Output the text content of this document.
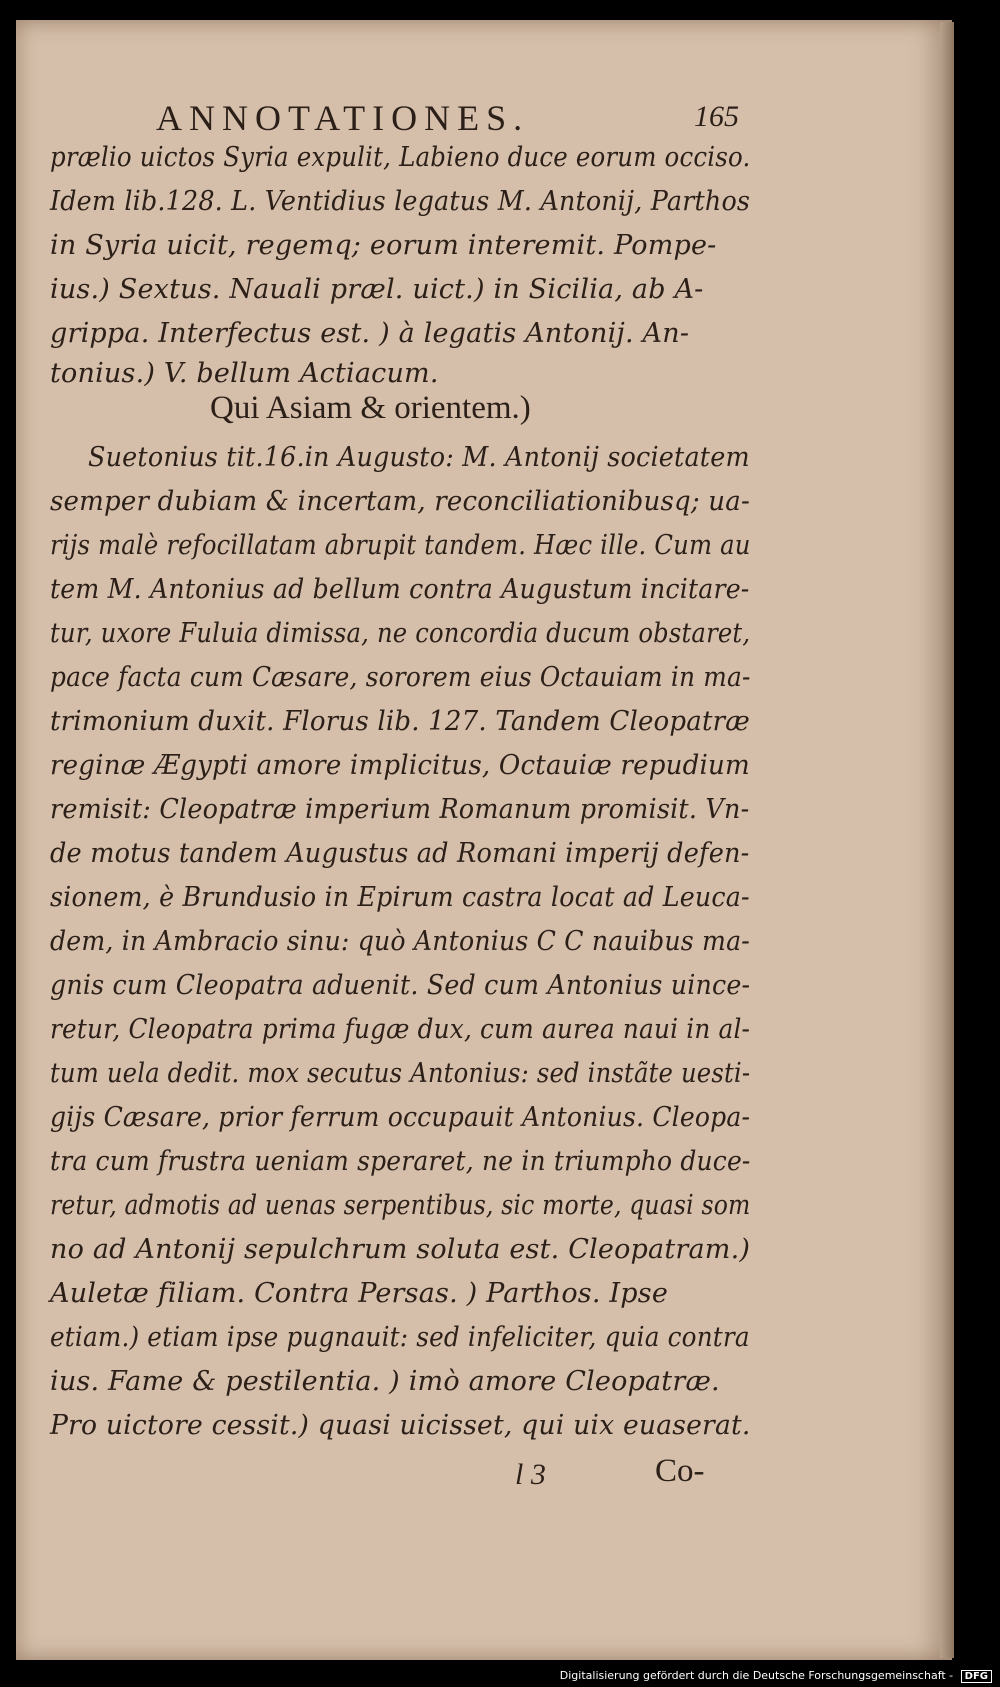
ANNOTATIONES.	165
prælio uictos Syria expulit, Labieno duce eorum occiso.
Idem lib.128. L. Ventidius legatus M. Antonij, Parthos
in Syria uicit, regemq; eorum interemit. Pompe-
ius.) Sextus. Nauali præl. uict.) in Sicilia, ab A-
grippa. Interfectus est. ) à legatis Antonij. An-
tonius.) V. bellum Actiacum.
Qui Asiam & orientem.)
Suetonius tit.16.in Augusto: M. Antonij societatem
semper dubiam & incertam, reconciliationibusq; ua-
rijs malè refocillatam abrupit tandem. Hæc ille. Cum au
tem M. Antonius ad bellum contra Augustum incitare-
tur, uxore Fuluia dimissa, ne concordia ducum obstaret,
pace facta cum Cæsare, sororem eius Octauiam in ma-
trimonium duxit. Florus lib. 127. Tandem Cleopatræ
reginæ Ægypti amore implicitus, Octauiæ repudium
remisit: Cleopatræ imperium Romanum promisit. Vn-
de motus tandem Augustus ad Romani imperij defen-
sionem, è Brundusio in Epirum castra locat ad Leuca-
dem, in Ambracio sinu: quò Antonius C C nauibus ma-
gnis cum Cleopatra aduenit. Sed cum Antonius uince-
retur, Cleopatra prima fugæ dux, cum aurea naui in al-
tum uela dedit. mox secutus Antonius: sed instãte uesti-
gijs Cæsare, prior ferrum occupauit Antonius. Cleopa-
tra cum frustra ueniam speraret, ne in triumpho duce-
retur, admotis ad uenas serpentibus, sic morte, quasi som
no ad Antonij sepulchrum soluta est. Cleopatram.)
Auletæ filiam. Contra Persas. ) Parthos. Ipse
etiam.) etiam ipse pugnauit: sed infeliciter, quia contra
ius. Fame & pestilentia. ) imò amore Cleopatræ.
Pro uictore cessit.) quasi uicisset, qui uix euaserat.
l 3	Co-
Digitalisierung gefördert durch die Deutsche Forschungsgemeinschaft - DFG
